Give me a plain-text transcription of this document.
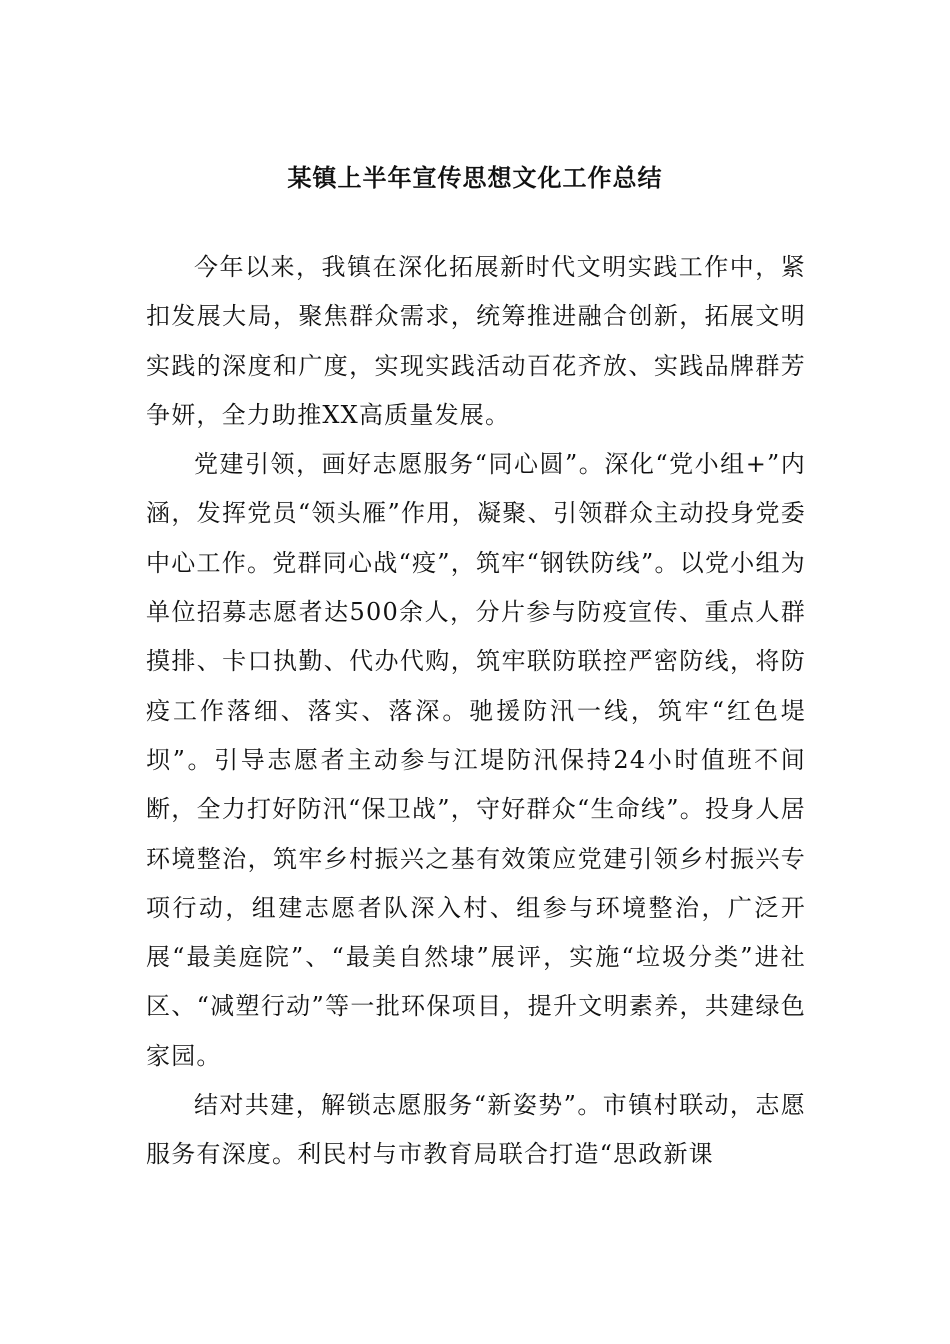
某镇上半年宣传思想文化工作总结

今年以来，我镇在深化拓展新时代文明实践工作中，紧扣发展大局，聚焦群众需求，统筹推进融合创新，拓展文明实践的深度和广度，实现实践活动百花齐放、实践品牌群芳争妍，全力助推XX高质量发展。

党建引领，画好志愿服务“同心圆”。深化“党小组+”内涵，发挥党员“领头雁”作用，凝聚、引领群众主动投身党委中心工作。党群同心战“疫”，筑牢“钢铁防线”。以党小组为单位招募志愿者达500余人，分片参与防疫宣传、重点人群摸排、卡口执勤、代办代购，筑牢联防联控严密防线，将防疫工作落细、落实、落深。驰援防汛一线，筑牢“红色堤坝”。引导志愿者主动参与江堤防汛保持24小时值班不间断，全力打好防汛“保卫战”，守好群众“生命线”。投身人居环境整治，筑牢乡村振兴之基有效策应党建引领乡村振兴专项行动，组建志愿者队深入村、组参与环境整治，广泛开展“最美庭院”、“最美自然埭”展评，实施“垃圾分类”进社区、“减塑行动”等一批环保项目，提升文明素养，共建绿色家园。

结对共建，解锁志愿服务“新姿势”。市镇村联动，志愿服务有深度。利民村与市教育局联合打造“思政新课
